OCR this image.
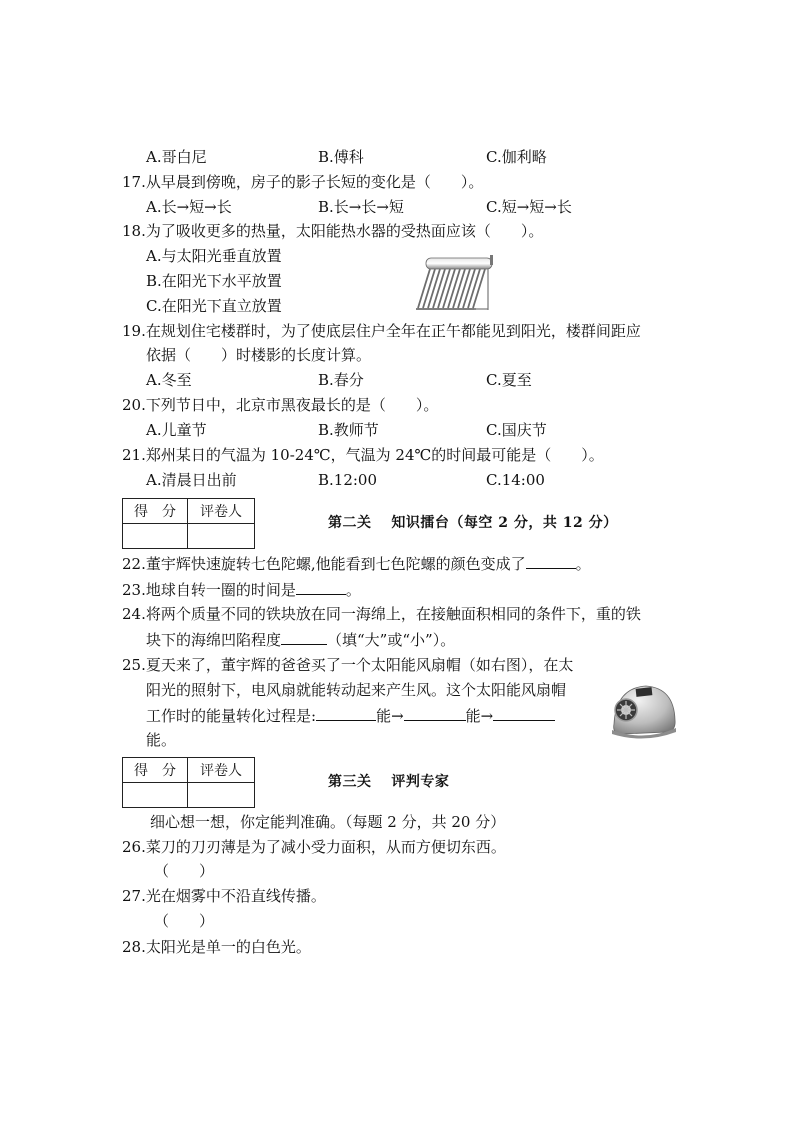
A.哥白尼	B.傅科	C.伽利略
17.从早晨到傍晚，房子的影子长短的变化是（　　）。
A.长→短→长	B.长→长→短	C.短→短→长
18.为了吸收更多的热量，太阳能热水器的受热面应该（　　）。
A.与太阳光垂直放置
B.在阳光下水平放置
C.在阳光下直立放置
19.在规划住宅楼群时，为了使底层住户全年在正午都能见到阳光，楼群间距应
依据（　　）时楼影的长度计算。
A.冬至	B.春分	C.夏至
20.下列节日中，北京市黑夜最长的是（　　）。
A.儿童节	B.教师节	C.国庆节
21.郑州某日的气温为 10-24℃，气温为 24℃的时间最可能是（　　）。
A.清晨日出前	B.12:00	C.14:00
得　分	评卷人

第二关　 知识擂台（每空 2 分，共 12 分）
22.董宇辉快速旋转七色陀螺,他能看到七色陀螺的颜色变成了	。
23.地球自转一圈的时间是	。
24.将两个质量不同的铁块放在同一海绵上，在接触面积相同的条件下，重的铁
块下的海绵凹陷程度	（填“大”或“小”）。
25.夏天来了，董宇辉的爸爸买了一个太阳能风扇帽（如右图），在太
阳光的照射下，电风扇就能转动起来产生风。这个太阳能风扇帽
工作时的能量转化过程是:	能→	能→
能。
得　分	评卷人

第三关　 评判专家
细心想一想，你定能判准确。（每题 2 分，共 20 分）
26.菜刀的刀刃薄是为了减小受力面积，从而方便切东西。
（　　）
27.光在烟雾中不沿直线传播。
（　　）
28.太阳光是单一的白色光。
